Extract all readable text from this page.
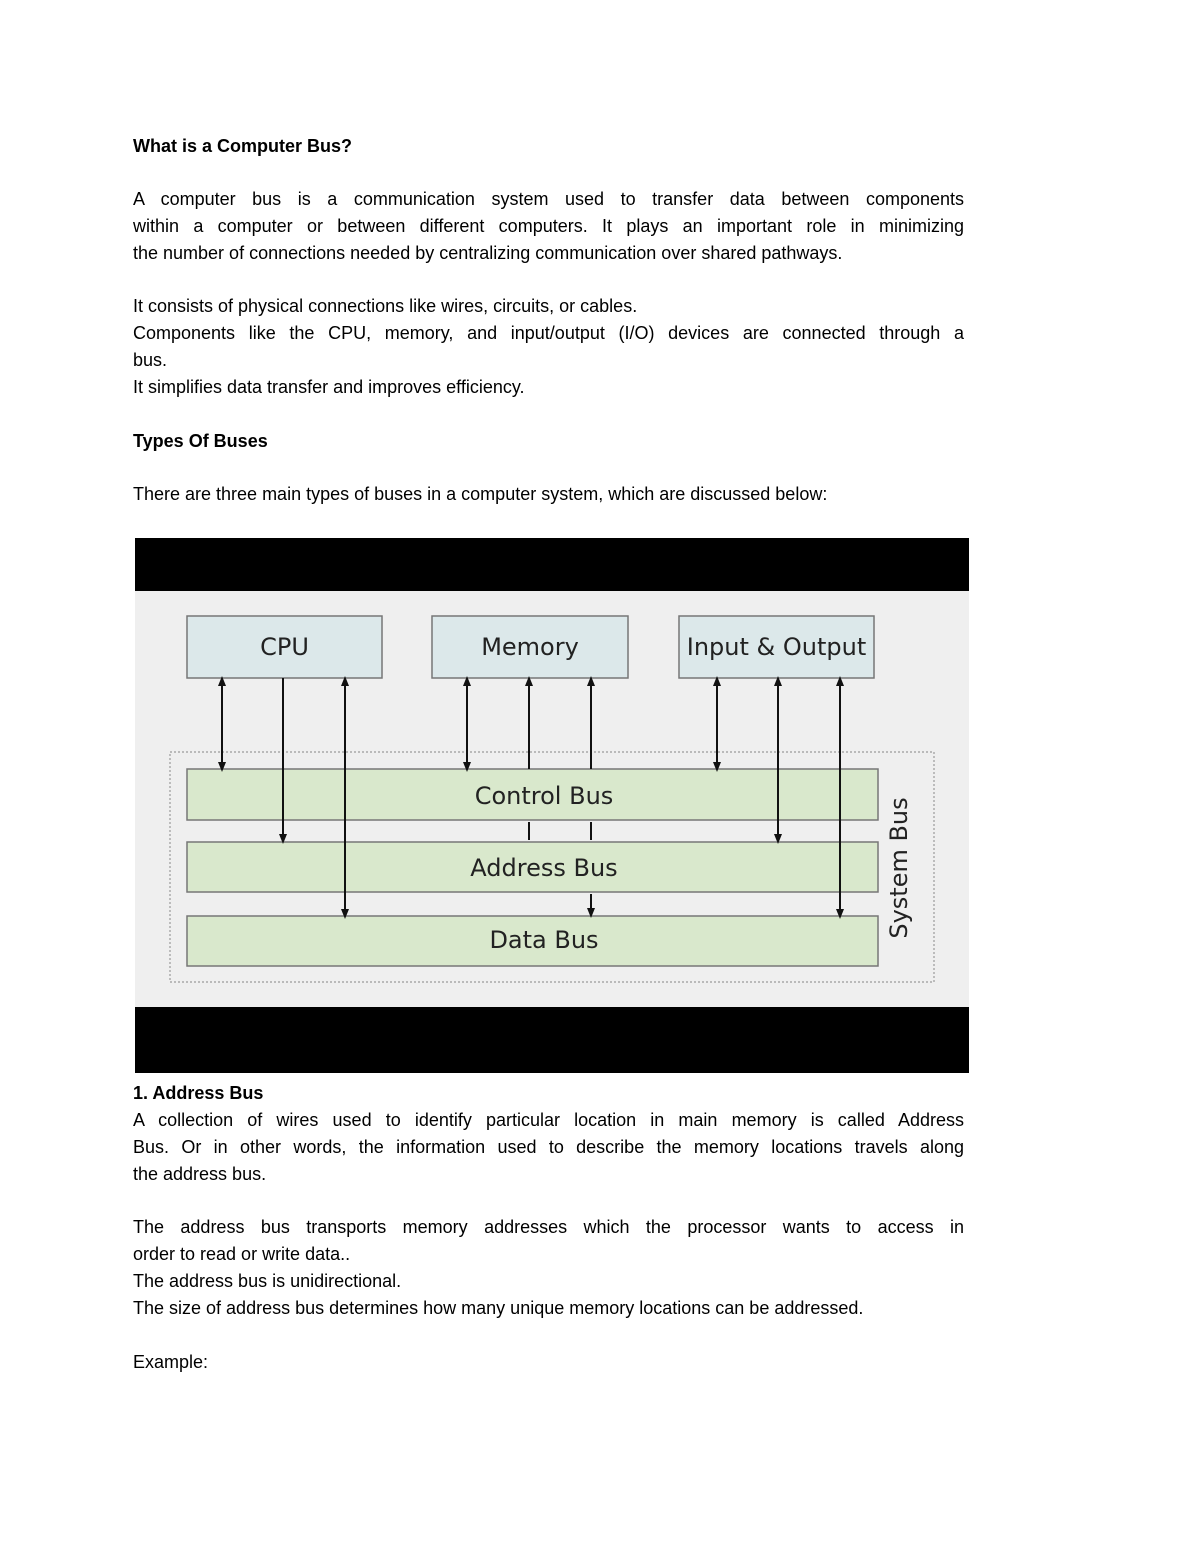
What is a Computer Bus?
A computer bus is a communication system used to transfer data between components
within a computer or between different computers. It plays an important role in minimizing
the number of connections needed by centralizing communication over shared pathways.
It consists of physical connections like wires, circuits, or cables.
Components like the CPU, memory, and input/output (I/O) devices are connected through a
bus.
It simplifies data transfer and improves efficiency.
Types Of Buses
There are three main types of buses in a computer system, which are discussed below:
1. Address Bus
A collection of wires used to identify particular location in main memory is called Address
Bus. Or in other words, the information used to describe the memory locations travels along
the address bus.
The address bus transports memory addresses which the processor wants to access in
order to read or write data..
The address bus is unidirectional.
The size of address bus determines how many unique memory locations can be addressed.
Example:
CPU	Memory	Input & Output
Control Bus
Address Bus
Data Bus
System Bus
